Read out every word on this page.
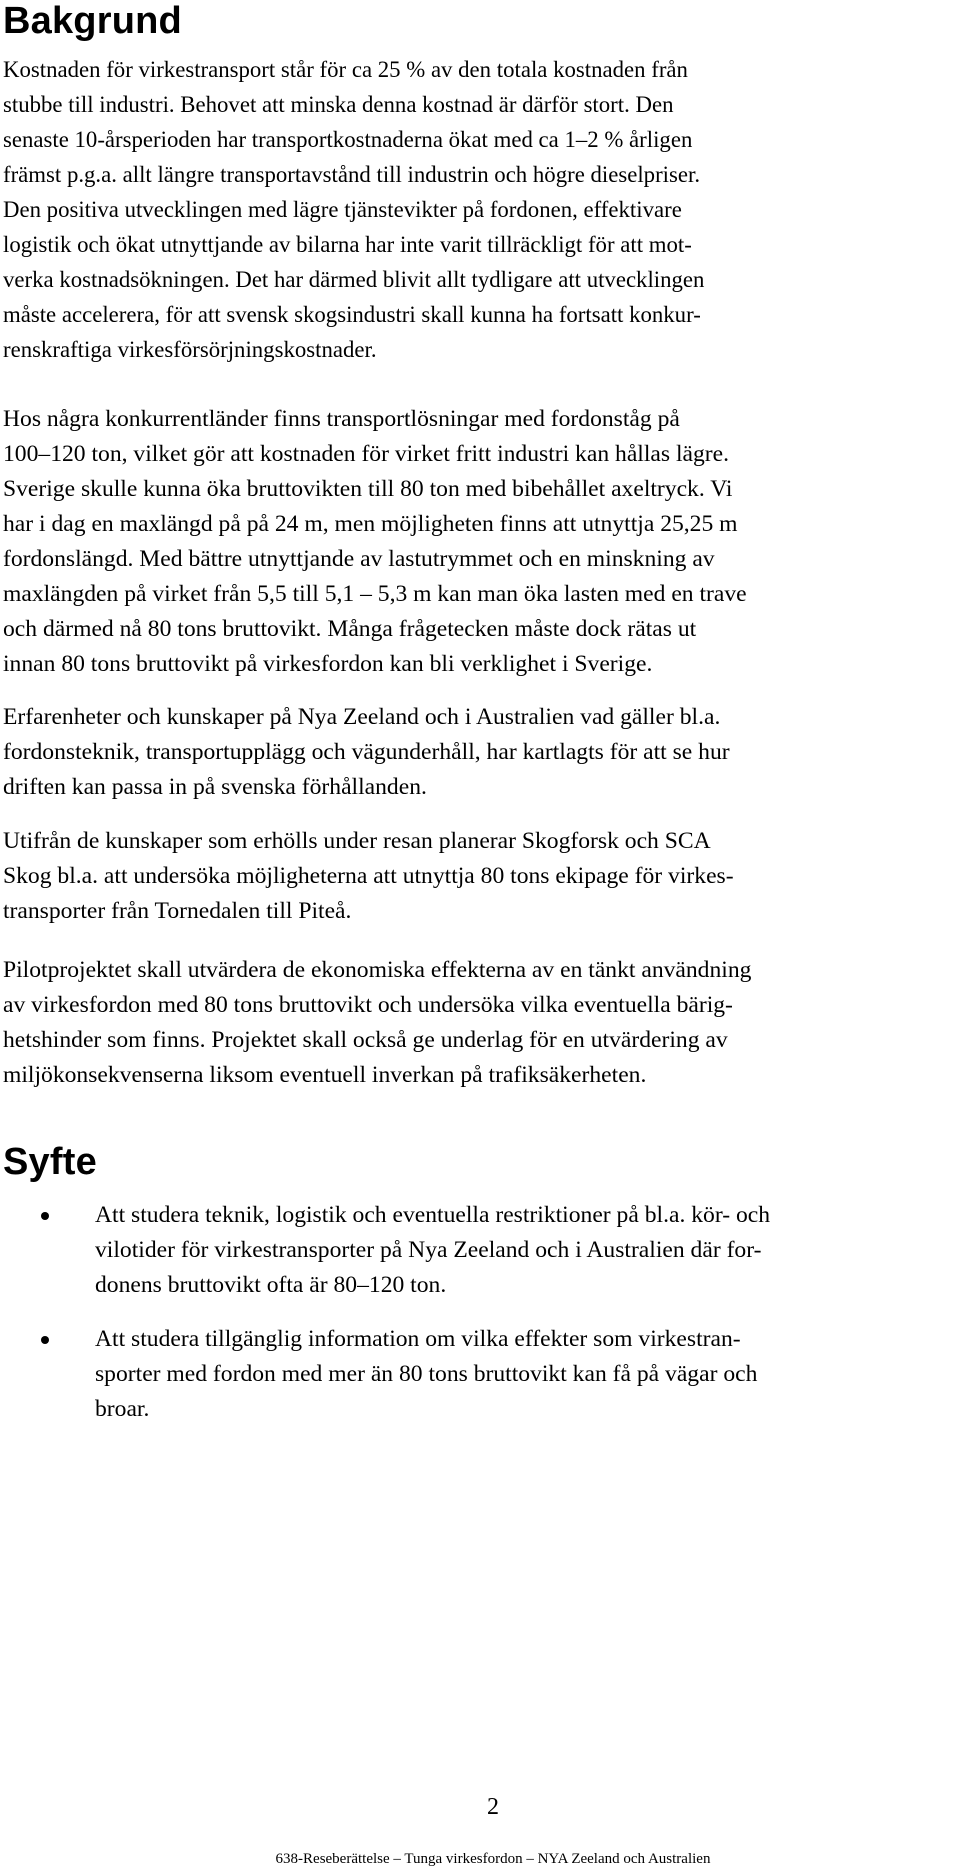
Bakgrund

Kostnaden för virkestransport står för ca 25 % av den totala kostnaden från
stubbe till industri. Behovet att minska denna kostnad är därför stort. Den
senaste 10-årsperioden har transportkostnaderna ökat med ca 1–2 % årligen
främst p.g.a. allt längre transportavstånd till industrin och högre dieselpriser.
Den positiva utvecklingen med lägre tjänstevikter på fordonen, effektivare
logistik och ökat utnyttjande av bilarna har inte varit tillräckligt för att mot-
verka kostnadsökningen. Det har därmed blivit allt tydligare att utvecklingen
måste accelerera, för att svensk skogsindustri skall kunna ha fortsatt konkur-
renskraftiga virkesförsörjningskostnader.

Hos några konkurrentländer finns transportlösningar med fordonståg på
100–120 ton, vilket gör att kostnaden för virket fritt industri kan hållas lägre.
Sverige skulle kunna öka bruttovikten till 80 ton med bibehållet axeltryck. Vi
har i dag en maxlängd på på 24 m, men möjligheten finns att utnyttja 25,25 m
fordonslängd. Med bättre utnyttjande av lastutrymmet och en minskning av
maxlängden på virket från 5,5 till 5,1 – 5,3 m kan man öka lasten med en trave
och därmed nå 80 tons bruttovikt. Många frågetecken måste dock rätas ut
innan 80 tons bruttovikt på virkesfordon kan bli verklighet i Sverige.

Erfarenheter och kunskaper på Nya Zeeland och i Australien vad gäller bl.a.
fordonsteknik, transportupplägg och vägunderhåll, har kartlagts för att se hur
driften kan passa in på svenska förhållanden.

Utifrån de kunskaper som erhölls under resan planerar Skogforsk och SCA
Skog bl.a. att undersöka möjligheterna att utnyttja 80 tons ekipage för virkes-
transporter från Tornedalen till Piteå.

Pilotprojektet skall utvärdera de ekonomiska effekterna av en tänkt användning
av virkesfordon med 80 tons bruttovikt och undersöka vilka eventuella bärig-
hetshinder som finns. Projektet skall också ge underlag för en utvärdering av
miljökonsekvenserna liksom eventuell inverkan på trafiksäkerheten.

Syfte
Att studera teknik, logistik och eventuella restriktioner på bl.a. kör- och
vilotider för virkestransporter på Nya Zeeland och i Australien där for-
donens bruttovikt ofta är 80–120 ton.
Att studera tillgänglig information om vilka effekter som virkestran-
sporter med fordon med mer än 80 tons bruttovikt kan få på vägar och
broar.

2

638-Reseberättelse – Tunga virkesfordon – NYA Zeeland och Australien
